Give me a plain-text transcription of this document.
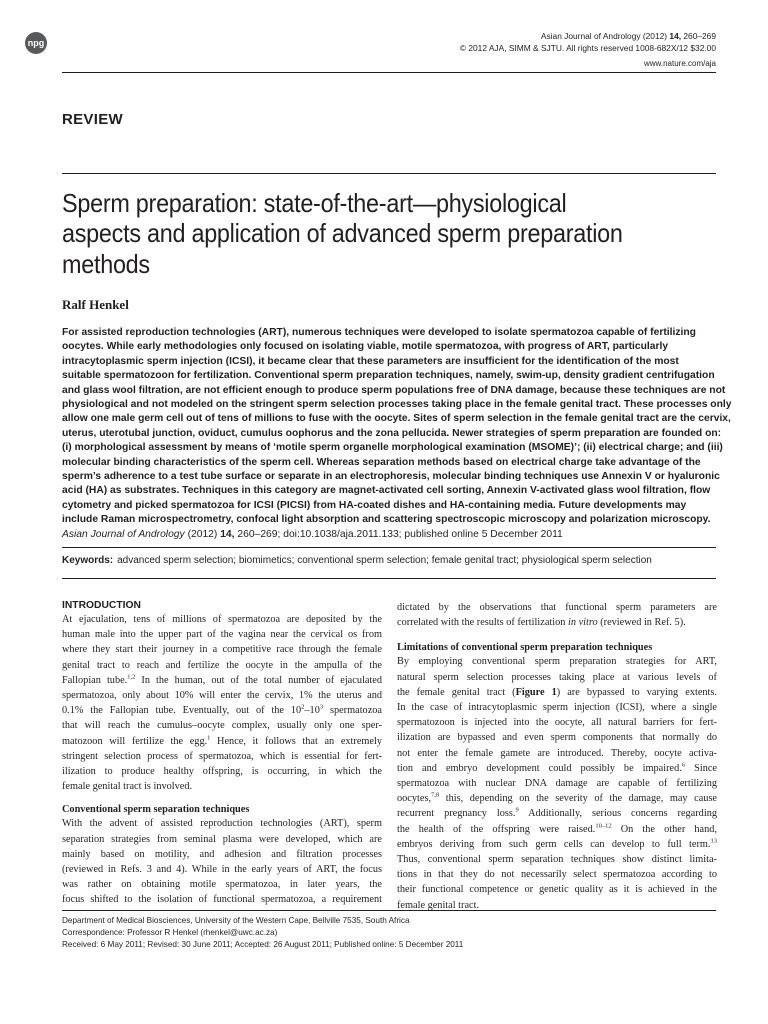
npg
Asian Journal of Andrology (2012) 14, 260–269
© 2012 AJA, SIMM & SJTU. All rights reserved 1008-682X/12 $32.00
www.nature.com/aja
REVIEW
Sperm preparation: state-of-the-art—physiological
aspects and application of advanced sperm preparation
methods
Ralf Henkel
For assisted reproduction technologies (ART), numerous techniques were developed to isolate spermatozoa capable of fertilizing
oocytes. While early methodologies only focused on isolating viable, motile spermatozoa, with progress of ART, particularly
intracytoplasmic sperm injection (ICSI), it became clear that these parameters are insufficient for the identification of the most
suitable spermatozoon for fertilization. Conventional sperm preparation techniques, namely, swim-up, density gradient centrifugation
and glass wool filtration, are not efficient enough to produce sperm populations free of DNA damage, because these techniques are not
physiological and not modeled on the stringent sperm selection processes taking place in the female genital tract. These processes only
allow one male germ cell out of tens of millions to fuse with the oocyte. Sites of sperm selection in the female genital tract are the cervix,
uterus, uterotubal junction, oviduct, cumulus oophorus and the zona pellucida. Newer strategies of sperm preparation are founded on:
(i) morphological assessment by means of ‘motile sperm organelle morphological examination (MSOME)’; (ii) electrical charge; and (iii)
molecular binding characteristics of the sperm cell. Whereas separation methods based on electrical charge take advantage of the
sperm’s adherence to a test tube surface or separate in an electrophoresis, molecular binding techniques use Annexin V or hyaluronic
acid (HA) as substrates. Techniques in this category are magnet-activated cell sorting, Annexin V-activated glass wool filtration, flow
cytometry and picked spermatozoa for ICSI (PICSI) from HA-coated dishes and HA-containing media. Future developments may
include Raman microspectrometry, confocal light absorption and scattering spectroscopic microscopy and polarization microscopy.
Asian Journal of Andrology (2012) 14, 260–269; doi:10.1038/aja.2011.133; published online 5 December 2011
Keywords: advanced sperm selection; biomimetics; conventional sperm selection; female genital tract; physiological sperm selection
INTRODUCTION
At ejaculation, tens of millions of spermatozoa are deposited by the
human male into the upper part of the vagina near the cervical os from
where they start their journey in a competitive race through the female
genital tract to reach and fertilize the oocyte in the ampulla of the
Fallopian tube.$^{1,2}$ In the human, out of the total number of ejaculated
spermatozoa, only about 10% will enter the cervix, 1% the uterus and
0.1% the Fallopian tube. Eventually, out of the $10^2-10^3$ spermatozoa
that will reach the cumulus–oocyte complex, usually only one sper-
matozoon will fertilize the egg.$^1$ Hence, it follows that an extremely
stringent selection process of spermatozoa, which is essential for fert-
ilization to produce healthy offspring, is occurring, in which the
female genital tract is involved.
Conventional sperm separation techniques
With the advent of assisted reproduction technologies (ART), sperm
separation strategies from seminal plasma were developed, which are
mainly based on motility, and adhesion and filtration processes
(reviewed in Refs. 3 and 4). While in the early years of ART, the focus
was rather on obtaining motile spermatozoa, in later years, the
focus shifted to the isolation of functional spermatozoa, a requirement
dictated by the observations that functional sperm parameters are
correlated with the results of fertilization in vitro (reviewed in Ref. 5).
Limitations of conventional sperm preparation techniques
By employing conventional sperm preparation strategies for ART,
natural sperm selection processes taking place at various levels of
the female genital tract (Figure 1) are bypassed to varying extents.
In the case of intracytoplasmic sperm injection (ICSI), where a single
spermatozoon is injected into the oocyte, all natural barriers for fert-
ilization are bypassed and even sperm components that normally do
not enter the female gamete are introduced. Thereby, oocyte activa-
tion and embryo development could possibly be impaired.$^6$ Since
spermatozoa with nuclear DNA damage are capable of fertilizing
oocytes,$^{7,8}$ this, depending on the severity of the damage, may cause
recurrent pregnancy loss.$^9$ Additionally, serious concerns regarding
the health of the offspring were raised.$^{10-12}$ On the other hand,
embryos deriving from such germ cells can develop to full term.$^{13}$
Thus, conventional sperm separation techniques show distinct limita-
tions in that they do not necessarily select spermatozoa according to
their functional competence or genetic quality as it is achieved in the
female genital tract.
Department of Medical Biosciences, University of the Western Cape, Bellville 7535, South Africa
Correspondence: Professor R Henkel (rhenkel@uwc.ac.za)
Received: 6 May 2011; Revised: 30 June 2011; Accepted: 26 August 2011; Published online: 5 December 2011
